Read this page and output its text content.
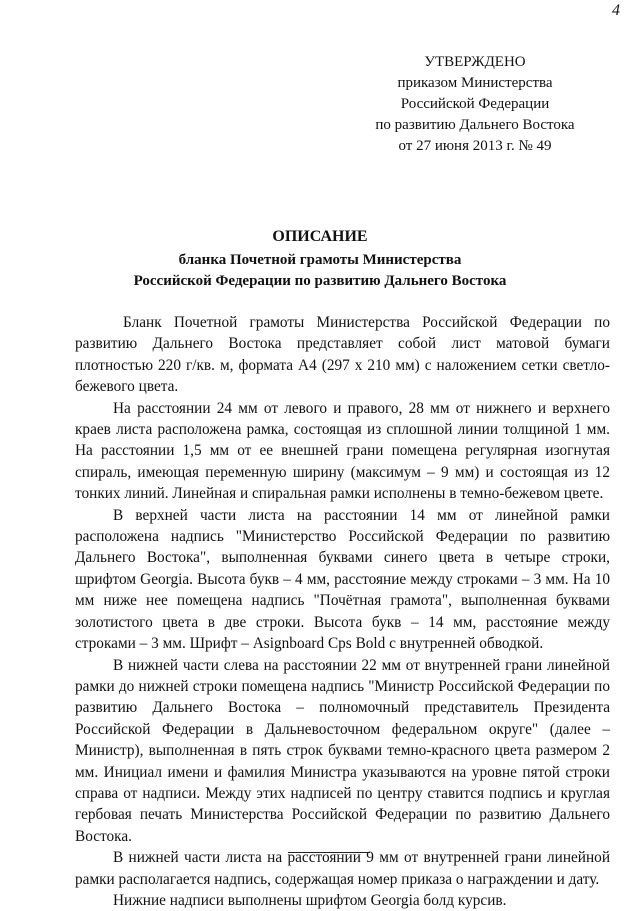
4
УТВЕРЖДЕНО
приказом Министерства
Российской Федерации
по развитию Дальнего Востока
от 27 июня 2013 г. № 49
ОПИСАНИЕ
бланка Почетной грамоты Министерства
Российской Федерации по развитию Дальнего Востока

Бланк Почетной грамоты Министерства Российской Федерации по развитию Дальнего Востока представляет собой лист матовой бумаги плотностью 220 г/кв. м, формата А4 (297 x 210 мм) с наложением сетки светло-бежевого цвета.

На расстоянии 24 мм от левого и правого, 28 мм от нижнего и верхнего краев листа расположена рамка, состоящая из сплошной линии толщиной 1 мм. На расстоянии 1,5 мм от ее внешней грани помещена регулярная изогнутая спираль, имеющая переменную ширину (максимум – 9 мм) и состоящая из 12 тонких линий. Линейная и спиральная рамки исполнены в темно-бежевом цвете.

В верхней части листа на расстоянии 14 мм от линейной рамки расположена надпись "Министерство Российской Федерации по развитию Дальнего Востока", выполненная буквами синего цвета в четыре строки, шрифтом Georgia. Высота букв – 4 мм, расстояние между строками – 3 мм. На 10 мм ниже нее помещена надпись "Почётная грамота", выполненная буквами золотистого цвета в две строки. Высота букв – 14 мм, расстояние между строками – 3 мм. Шрифт – Asignboard Cps Bold с внутренней обводкой.

В нижней части слева на расстоянии 22 мм от внутренней грани линейной рамки до нижней строки помещена надпись "Министр Российской Федерации по развитию Дальнего Востока – полномочный представитель Президента Российской Федерации в Дальневосточном федеральном округе" (далее – Министр), выполненная в пять строк буквами темно-красного цвета размером 2 мм. Инициал имени и фамилия Министра указываются на уровне пятой строки справа от надписи. Между этих надписей по центру ставится подпись и круглая гербовая печать Министерства Российской Федерации по развитию Дальнего Востока.

В нижней части листа на расстоянии 9 мм от внутренней грани линейной рамки располагается надпись, содержащая номер приказа о награждении и дату.

Нижние надписи выполнены шрифтом Georgia болд курсив.
